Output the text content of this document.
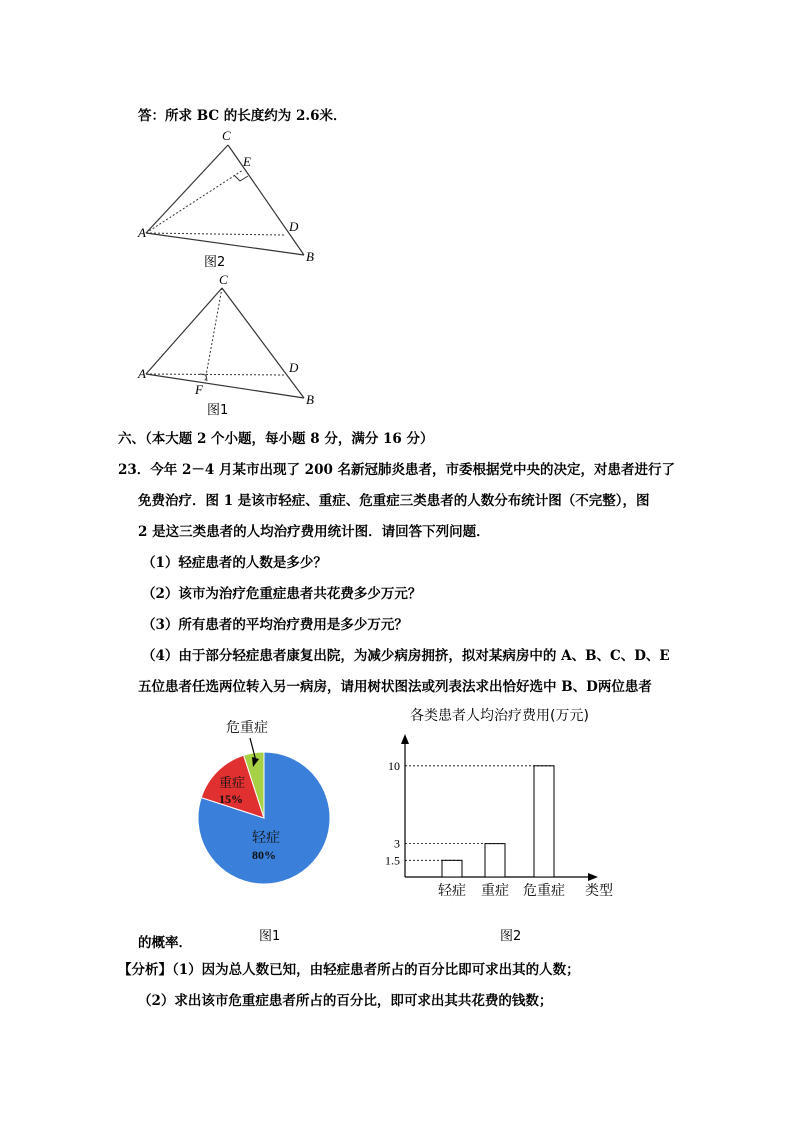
答：所求 BC 的长度约为 2.6米．
C
E
D
A
B
图2
C
D
A
F
B
图1
六、（本大题 2 个小题，每小题 8 分，满分 16 分）
23．今年 2－4 月某市出现了 200 名新冠肺炎患者，市委根据党中央的决定，对患者进行了
免费治疗．图 1 是该市轻症、重症、危重症三类患者的人数分布统计图（不完整），图
2 是这三类患者的人均治疗费用统计图．请回答下列问题．
（1）轻症患者的人数是多少？
（2）该市为治疗危重症患者共花费多少万元？
（3）所有患者的平均治疗费用是多少万元？
（4）由于部分轻症患者康复出院，为减少病房拥挤，拟对某病房中的 A、B、C、D、E
五位患者任选两位转入另一病房，请用树状图法或列表法求出恰好选中 B、D两位患者
危重症
重症
15%
轻症
80%
图1
各类患者人均治疗费用(万元)
1.5
轻症
3
重症
10
危重症 类型
图2
的概率．
【分析】（1）因为总人数已知，由轻症患者所占的百分比即可求出其的人数；
（2）求出该市危重症患者所占的百分比，即可求出其共花费的钱数；
